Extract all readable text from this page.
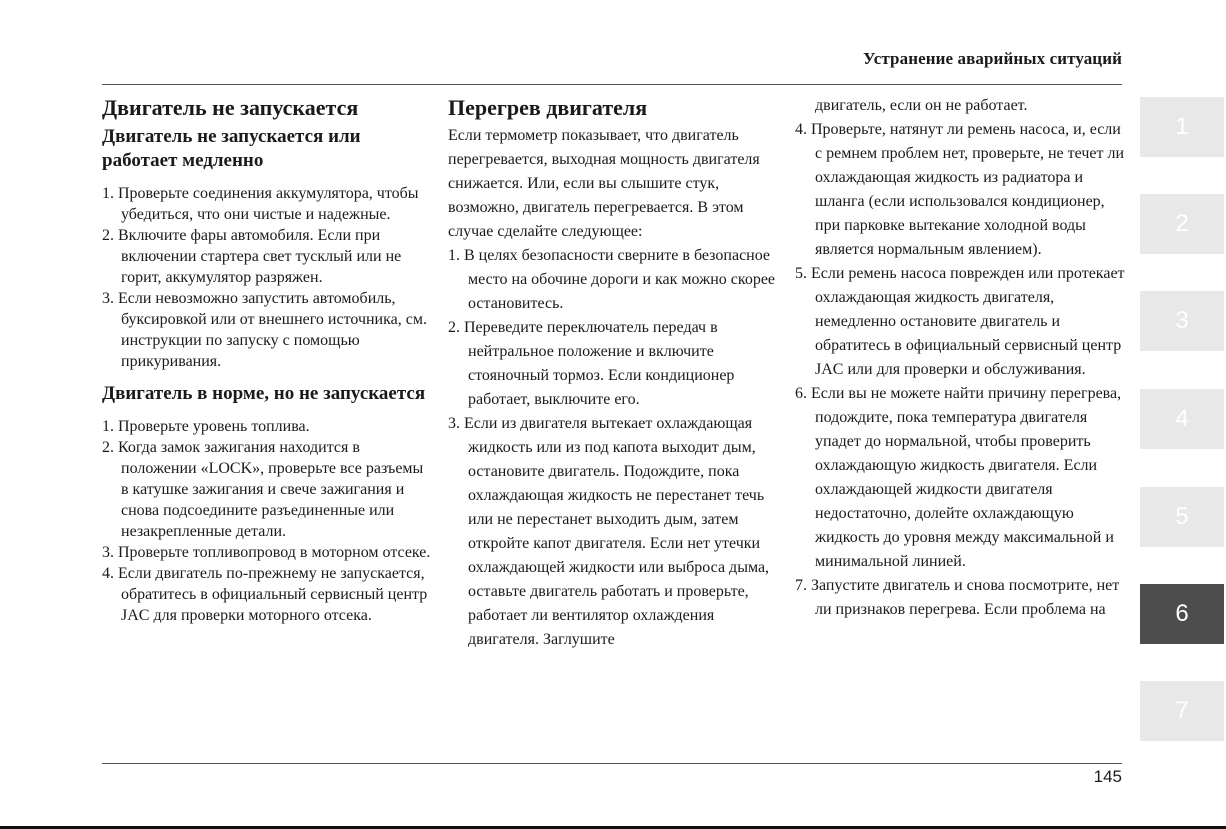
Устранение аварийных ситуаций
Двигатель не запускается
Двигатель не запускается или работает медленно
1. Проверьте соединения аккумулятора, чтобы убедиться, что они чистые и надежные.
2. Включите фары автомобиля. Если при включении стартера свет тусклый или не горит, аккумулятор разряжен.
3. Если невозможно запустить автомобиль, буксировкой или от внешнего источника, см. инструкции по запуску с помощью прикуривания.
Двигатель в норме, но не запускается
1. Проверьте уровень топлива.
2. Когда замок зажигания находится в положении «LOCK», проверьте все разъемы в катушке зажигания и свече зажигания и снова подсоедините разъединенные или незакрепленные детали.
3. Проверьте топливопровод в моторном отсеке.
4. Если двигатель по-прежнему не запускается, обратитесь в официальный сервисный центр JAC для проверки моторного отсека.
Перегрев двигателя

Если термометр показывает, что двигатель перегревается, выходная мощность двигателя снижается. Или, если вы слышите стук, возможно, двигатель перегревается. В этом случае сделайте следующее:

1. В целях безопасности сверните в безопасное место на обочине дороги и как можно скорее остановитесь.
2. Переведите переключатель передач в нейтральное положение и включите стояночный тормоз. Если кондиционер работает, выключите его.
3. Если из двигателя вытекает охлаждающая жидкость или из под капота выходит дым, остановите двигатель. Подождите, пока охлаждающая жидкость не перестанет течь или не перестанет выходить дым, затем откройте капот двигателя. Если нет утечки охлаждающей жидкости или выброса дыма, оставьте двигатель работать и проверьте, работает ли вентилятор охлаждения двигателя. Заглушите

двигатель, если он не работает.

4. Проверьте, натянут ли ремень насоса, и, если с ремнем проблем нет, проверьте, не течет ли охлаждающая жидкость из радиатора и шланга (если использовался кондиционер, при парковке вытекание холодной воды является нормальным явлением).
5. Если ремень насоса поврежден или протекает охлаждающая жидкость двигателя, немедленно остановите двигатель и обратитесь в официальный сервисный центр JAC или для проверки и обслуживания.
6. Если вы не можете найти причину перегрева, подождите, пока температура двигателя упадет до нормальной, чтобы проверить охлаждающую жидкость двигателя. Если охлаждающей жидкости двигателя недостаточно, долейте охлаждающую жидкость до уровня между максимальной и минимальной линией.
7. Запустите двигатель и снова посмотрите, нет ли признаков перегрева. Если проблема на
1
2
3
4
5
6
7
145
